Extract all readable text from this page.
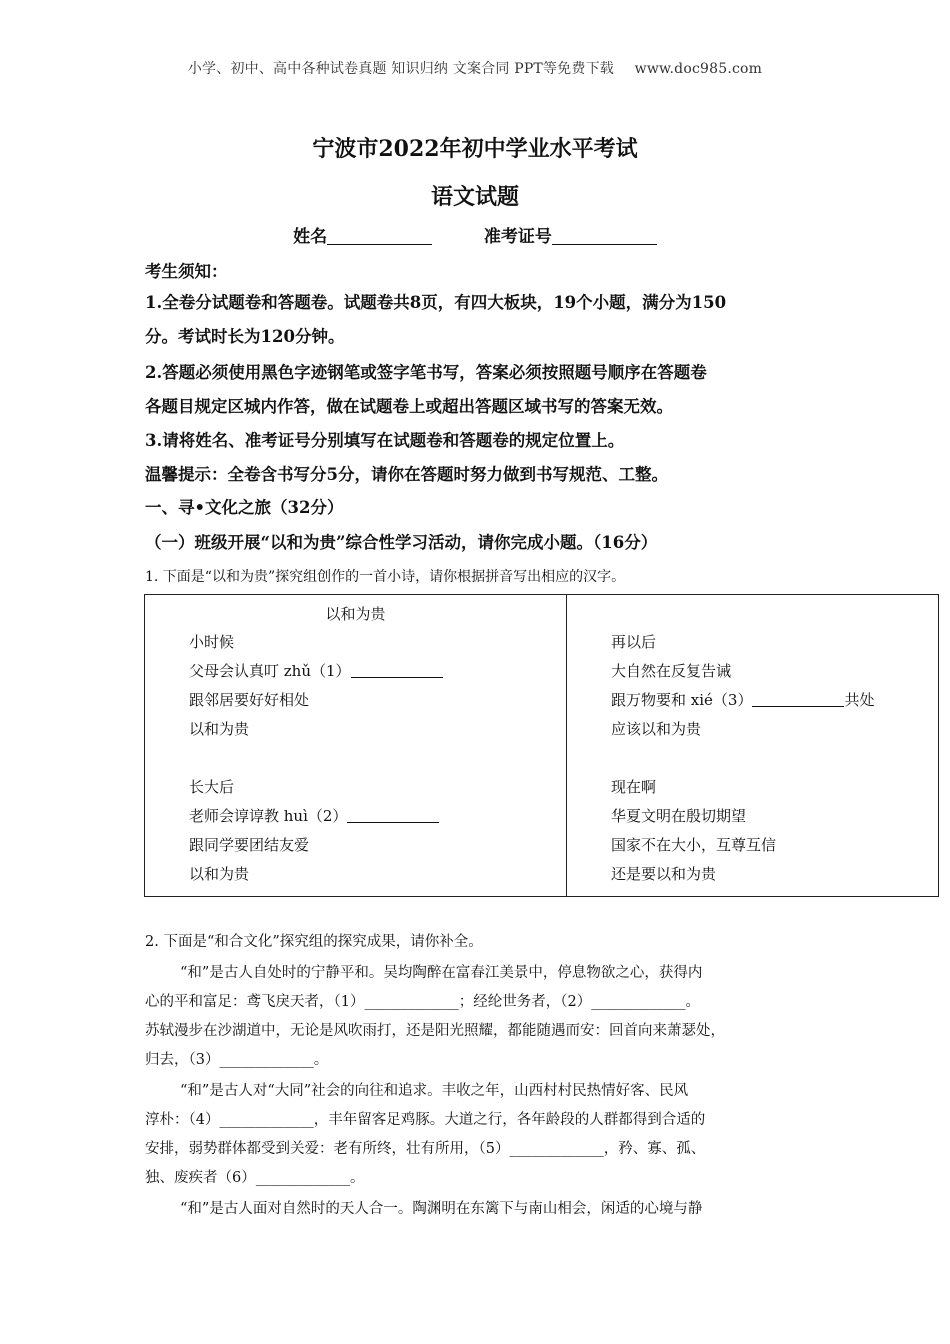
小学、初中、高中各种试卷真题 知识归纳 文案合同 PPT等免费下载 www.doc985.com
宁波市2022年初中学业水平考试
语文试题
姓名	准考证号
考生须知：
1.全卷分试题卷和答题卷。试题卷共8页，有四大板块，19个小题，满分为150
分。考试时长为120分钟。
2.答题必须使用黑色字迹钢笔或签字笔书写，答案必须按照题号顺序在答题卷
各题目规定区城内作答，做在试题卷上或超出答题区域书写的答案无效。
3.请将姓名、准考证号分别填写在试题卷和答题卷的规定位置上。
温馨提示：全卷含书写分5分，请你在答题时努力做到书写规范、工整。
一、寻•文化之旅（32分）
（一）班级开展“以和为贵”综合性学习活动，请你完成小题。（16分）
1. 下面是“以和为贵”探究组创作的一首小诗，请你根据拼音写出相应的汉字。
以和为贵
小时候
父母会认真叮 zhǔ（1）
跟邻居要好好相处
以和为贵
长大后
老师会谆谆教 huì（2）
跟同学要团结友爱
以和为贵
再以后
大自然在反复告诫
跟万物要和 xié（3）	共处
应该以和为贵
现在啊
华夏文明在殷切期望
国家不在大小，互尊互信
还是要以和为贵
2. 下面是“和合文化”探究组的探究成果，请你补全。
“和”是古人自处时的宁静平和。吴均陶醉在富春江美景中，停息物欲之心，获得内
心的平和富足：鸢飞戾天者，（1）_____________；经纶世务者，（2）_____________。
苏轼漫步在沙湖道中，无论是风吹雨打，还是阳光照耀，都能随遇而安：回首向来萧瑟处，
归去，（3）_____________。
“和”是古人对“大同”社会的向往和追求。丰收之年，山西村村民热情好客、民风
淳朴：（4）_____________，丰年留客足鸡豚。大道之行，各年龄段的人群都得到合适的
安排，弱势群体都受到关爱：老有所终，壮有所用，（5）_____________，矜、寡、孤、
独、废疾者（6）_____________。
“和”是古人面对自然时的天人合一。陶渊明在东篱下与南山相会，闲适的心境与静
